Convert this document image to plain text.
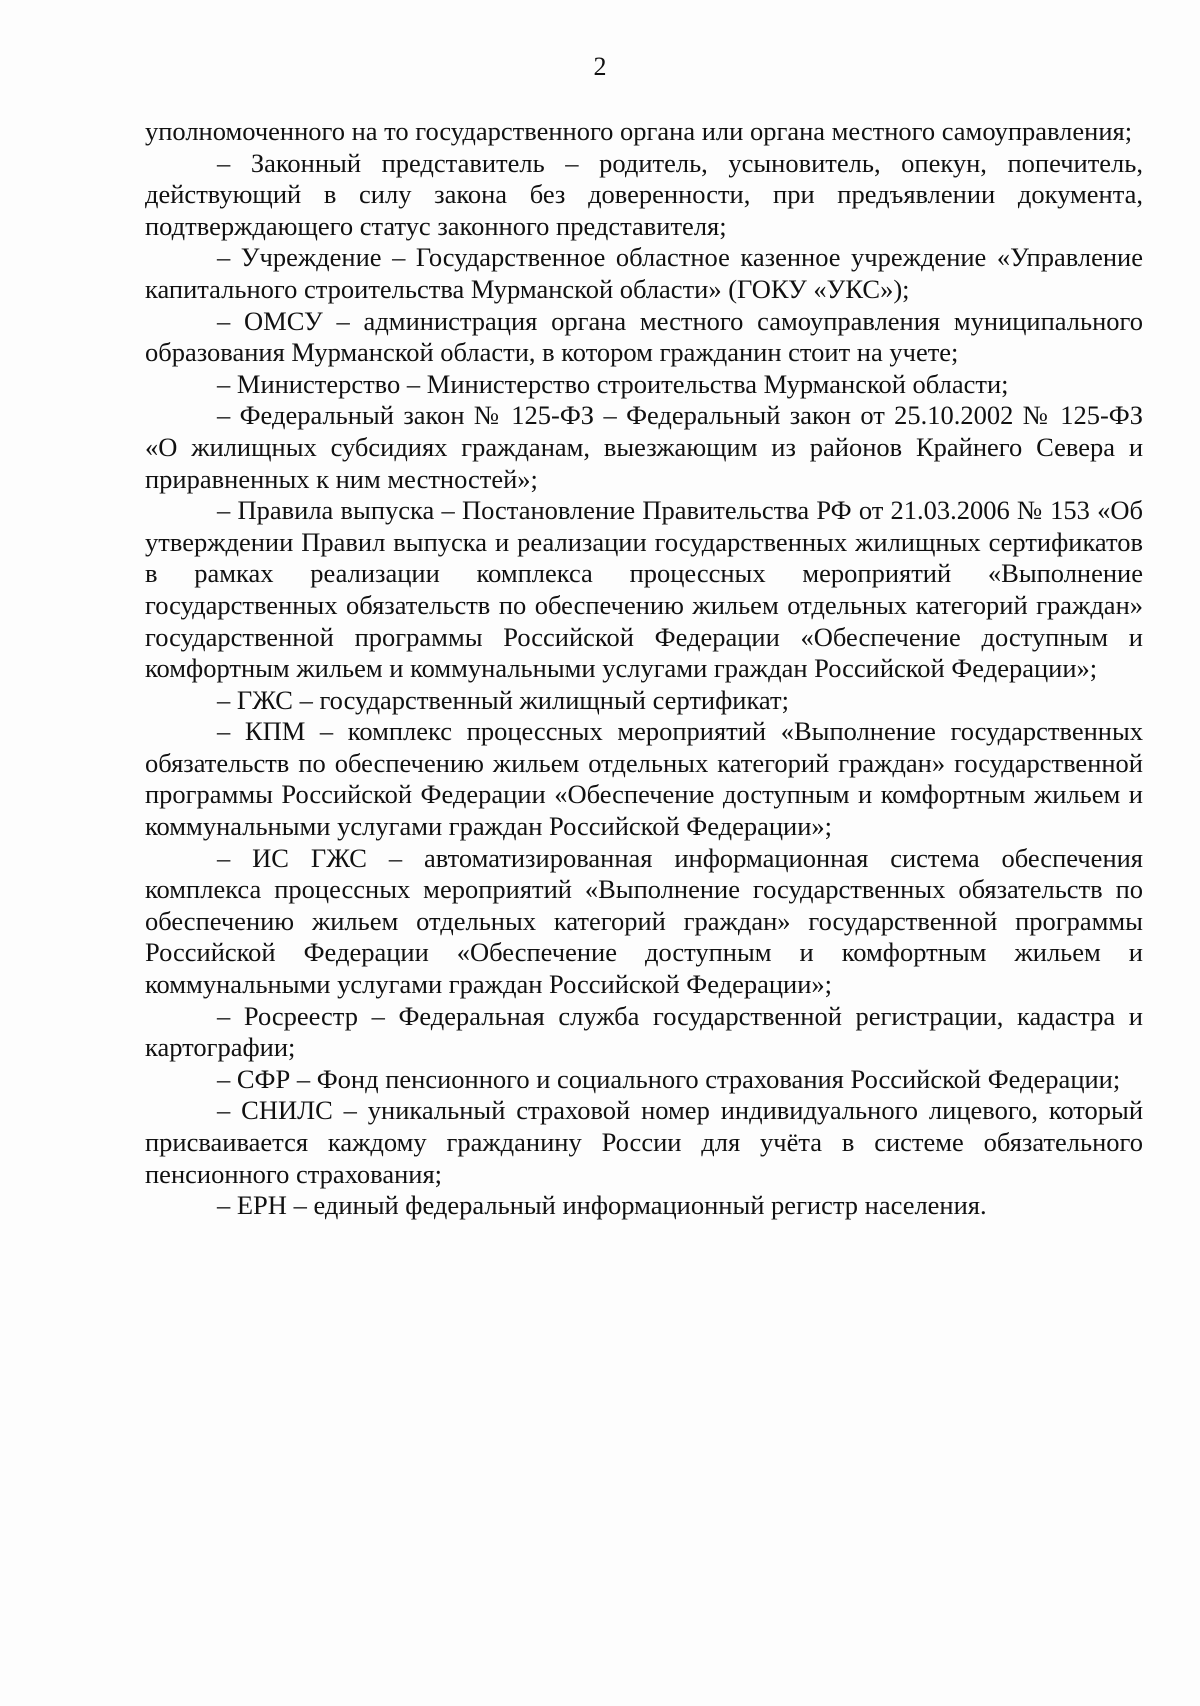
2

уполномоченного на то государственного органа или органа местного самоуправления;

– Законный представитель – родитель, усыновитель, опекун, попечитель, действующий в силу закона без доверенности, при предъявлении документа, подтверждающего статус законного представителя;

– Учреждение – Государственное областное казенное учреждение «Управление капитального строительства Мурманской области» (ГОКУ «УКС»);

– ОМСУ – администрация органа местного самоуправления муниципального образования Мурманской области, в котором гражданин стоит на учете;

– Министерство – Министерство строительства Мурманской области;

– Федеральный закон № 125-ФЗ – Федеральный закон от 25.10.2002 № 125-ФЗ «О жилищных субсидиях гражданам, выезжающим из районов Крайнего Севера и приравненных к ним местностей»;

– Правила выпуска – Постановление Правительства РФ от 21.03.2006 № 153 «Об утверждении Правил выпуска и реализации государственных жилищных сертификатов в рамках реализации комплекса процессных мероприятий «Выполнение государственных обязательств по обеспечению жильем отдельных категорий граждан» государственной программы Российской Федерации «Обеспечение доступным и комфортным жильем и коммунальными услугами граждан Российской Федерации»;

– ГЖС – государственный жилищный сертификат;

– КПМ – комплекс процессных мероприятий «Выполнение государственных обязательств по обеспечению жильем отдельных категорий граждан» государственной программы Российской Федерации «Обеспечение доступным и комфортным жильем и коммунальными услугами граждан Российской Федерации»;

– ИС ГЖС – автоматизированная информационная система обеспечения комплекса процессных мероприятий «Выполнение государственных обязательств по обеспечению жильем отдельных категорий граждан» государственной программы Российской Федерации «Обеспечение доступным и комфортным жильем и коммунальными услугами граждан Российской Федерации»;

– Росреестр – Федеральная служба государственной регистрации, кадастра и картографии;

– СФР – Фонд пенсионного и социального страхования Российской Федерации;

– СНИЛС – уникальный страховой номер индивидуального лицевого, который присваивается каждому гражданину России для учёта в системе обязательного пенсионного страхования;

– ЕРН – единый федеральный информационный регистр населения.
